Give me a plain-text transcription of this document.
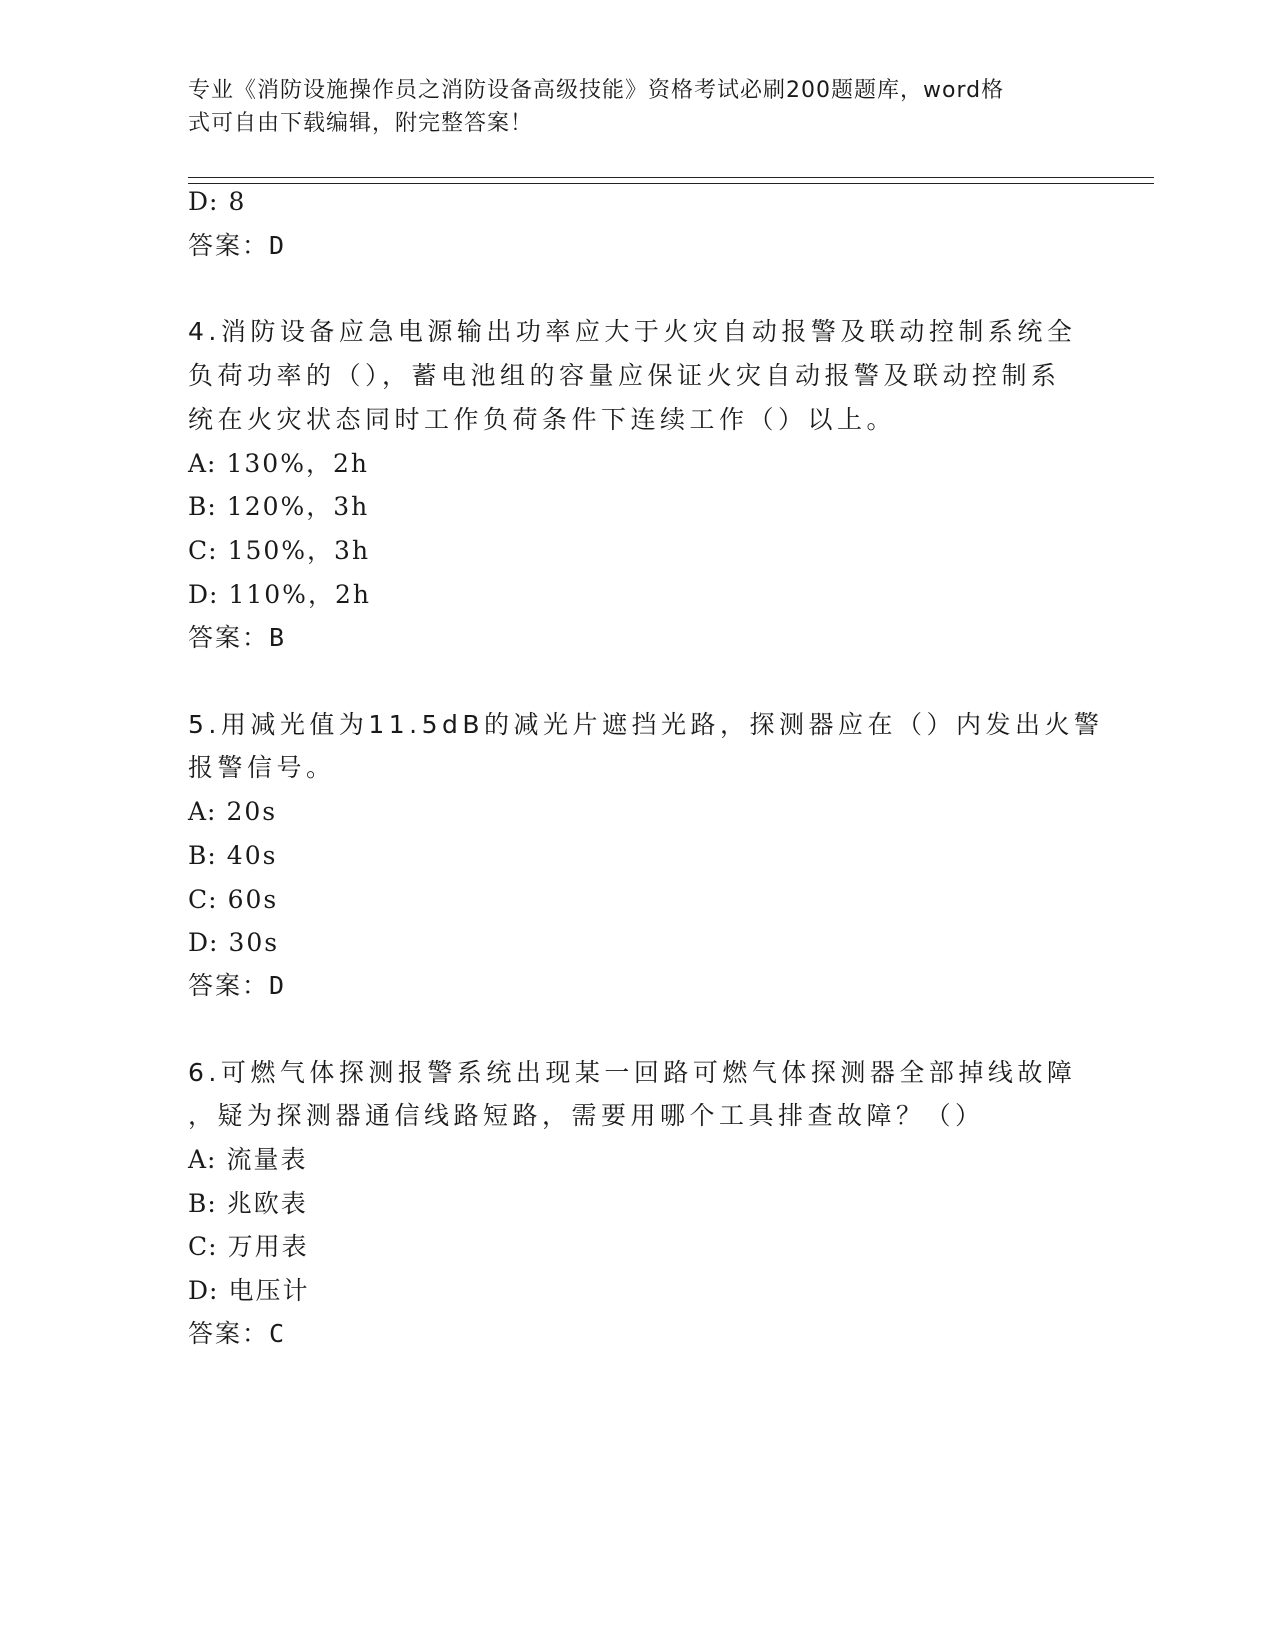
专业《消防设施操作员之消防设备高级技能》资格考试必刷200题题库，word格
式可自由下载编辑，附完整答案！
D: 8
答案：D
4.消防设备应急电源输出功率应大于火灾自动报警及联动控制系统全
负荷功率的（），蓄电池组的容量应保证火灾自动报警及联动控制系
统在火灾状态同时工作负荷条件下连续工作（）以上。
A: 130%，2h
B: 120%，3h
C: 150%，3h
D: 110%，2h
答案：B
5.用减光值为11.5dB的减光片遮挡光路，探测器应在（）内发出火警
报警信号。
A: 20s
B: 40s
C: 60s
D: 30s
答案：D
6.可燃气体探测报警系统出现某一回路可燃气体探测器全部掉线故障
，疑为探测器通信线路短路，需要用哪个工具排查故障？（）
A: 流量表
B: 兆欧表
C: 万用表
D: 电压计
答案：C
